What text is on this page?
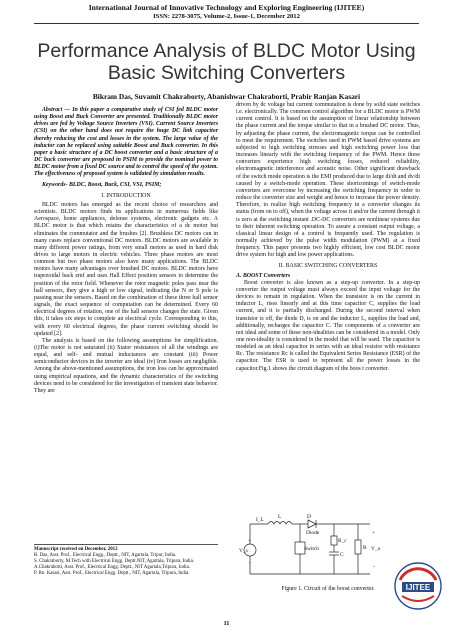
International Journal of Innovative Technology and Exploring Engineering (IJITEE)
ISSN: 2278-3075, Volume-2, Issue-1, December 2012
Performance Analysis of BLDC Motor Using
Basic Switching Converters
Bikram Das, Suvamit Chakraborty, Abanishwar Chakraborti, Prabir Ranjan Kasari

Abstract — In this paper a comparative study of CSI fed BLDC motor using Boost and Buck Converter are presented. Traditionally BLDC motor drives are fed by Voltage Source Inverters (VSI). Current Source Inverters (CSI) on the other hand does not require the huge DC link capacitor thereby reducing the cost and losses in the system. The large value of the inductor can be replaced using suitable Boost and Buck converter. In this paper a basic structure of a DC boost converter and a basic structure of a DC buck converter are proposed in PSIM to provide the nominal power to BLDC motor from a fixed DC source and to control the speed of the system. The effectiveness of proposed system is validated by simulation results.

Keywords- BLDC, Boost, Buck, CSI, VSI, PSIM;

I. INTRODUCTION

BLDC motors has emerged as the recent choice of researchers and scientists. BLDC motors finds its applications in numerous fields like Aerospace, home appliances, defense systems, electronic gadgets etc. A BLDC motor is that which retains the characteristics of a dc motor but eliminates the commutator and the brushes [2]. Brushless DC motors can in many cases replace conventional DC motors. BLDC motors are available in many different power ratings, from very small motors as used in hard disk drives to large motors in electric vehicles. Three phase motors are most common but two phase motors also have many applications. The BLDC motors have many advantages over brushed DC motors. BLDC motors have trapezoidal back emf and uses Hall Effect position sensors to determine the position of the rotor field. Whenever the rotor magnetic poles pass near the hall sensors, they give a high or low signal, indicating the N or S pole is passing near the sensors. Based on the combination of these three hall sensor signals, the exact sequence of computation can be determined. Every 60 electrical degrees of rotation, one of the hall sensors changes the state. Given this, it takes six steps to complete an electrical cycle. Corresponding to this, with every 60 electrical degrees, the phase current switching should be updated [2].

The analysis is based on the following assumptions for simplification.(i)The motor is not saturated (ii) Stator resistances of all the windings are equal, and self- and mutual inductances are constant (iii) Power semiconductor devices in the inverter are ideal (iv) Iron losses are negligible. Among the above-mentioned assumptions, the iron loss can be approximated using empirical equations, and the dynamic characteristics of the switching devices need to be considered for the investigation of transient state behavior. They are

Manuscript received on December, 2012

B. Das, Asst. Prof., Electrical Engg., Deptt., NIT, Agartala, Tripur, India.

S. Chakraborty, M.Tech with Electrical Engg. Deptt.NIT, Agartala, Tripura, India.

A.Chakraborti, Asst. Prof., Electrical Engg. Deptt., NIT Agartala,Tripura, India.

P. Rn. Kasari, Asst. Prof., Electrical Engg. Deptt., NIT, Agartala, Tripura, India.

driven by dc voltage but current commutation is done by solid state switches i.e. electronically. The common control algorithm for a BLDC motor is PWM current control. It is based on the assumption of linear relationship between the phase current and the torque similar to that in a brushed DC motor. Thus, by adjusting the phase current, the electromagnetic torque can be controlled to meet the requirement. The switches used in PWM based drive systems are subjected to high switching stresses and high switching power loss that increases linearly with the switching frequency of the PWM. Hence these converters experience high switching losses, reduced reliability, electromagnetic interference and acoustic noise. Other significant drawback of the switch mode operation is the EMI produced due to large di/dt and dv/dt caused by a switch-mode operation. These shortcomings of switch-mode converters are overcome by increasing the switching frequency in order to reduce the converter size and weight and hence to increase the power density. Therefore, to realize high switching frequency in a converter changes its status (from on to off), when the voltage across it and/or the current through it is zero at the switching instant .DC-DC converters are nonlinear systems due to their inherent switching operation. To assure a constant output voltage, a classical linear design of a control is frequently used. The regulation is normally achieved by the pulse width modulation (PWM) at a fixed frequency. This paper presents two highly efficient, low cost BLDC motor drive system for high and low power applications.

II. BASIC SWITCHING CONVERTERS

A. BOOST Converters

Boost converter is also known as a step-up converter. In a step-up converter the output voltage must always exceed the input voltage for the devices to remain in regulation. When the transistor is on the current in inductor L, rises linearly and at this time capacitor C, supplies the load current, and it is partially discharged. During the second interval when transistor is off, the diode D, is on and the inductor L, supplies the load and, additionally, recharges the capacitor C. The components of a converter are not ideal and some of these non-idealities can be considered in a model. Only one non-ideality is considered in the model that will be used. The capacitor is modeled as an ideal capacitor in series with an ideal resistor with resistance Rc. The resistance Rc is called the Equivalent Series Resistance (ESR) of the capacitor. The ESR is used to represent all the power losses in the capacitor.Fig.1 shows the circuit diagram of the boos t converter.

V_s
+
-
I_L	L	D
Diode
Switch
R_c
C
R
+
V_o
-
Figure 1. Circuit of the boost converter.	IJITEE
11
